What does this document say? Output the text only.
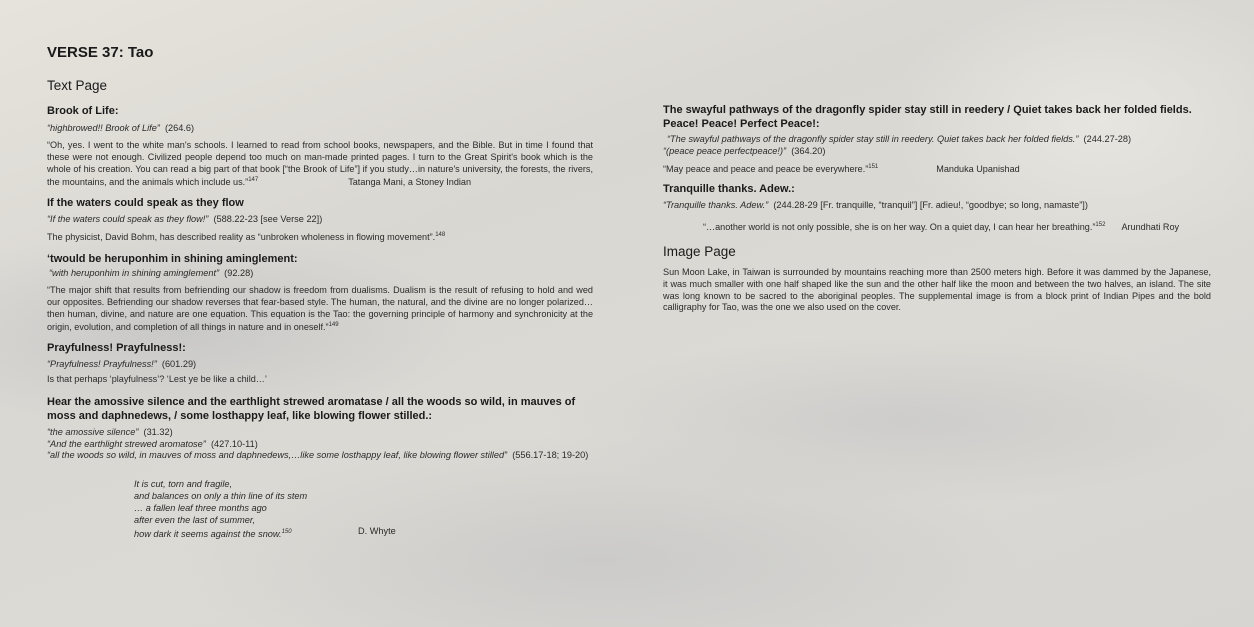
VERSE 37: Tao
Text Page
Brook of Life:
“highbrowed!! Brook of Life” (264.6)
“Oh, yes. I went to the white man's schools. I learned to read from school books, newspapers, and the Bible. But in time I found that these were not enough. Civilized people depend too much on man-made printed pages. I turn to the Great Spirit's book which is the whole of his creation. You can read a big part of that book [“the Brook of Life”] if you study…in nature's university, the forests, the rivers, the mountains, and the animals which include us.”$^{147}$	Tatanga Mani, a Stoney Indian
If the waters could speak as they flow
“If the waters could speak as they flow!” (588.22-23 [see Verse 22])
The physicist, David Bohm, has described reality as “unbroken wholeness in flowing movement”.$^{148}$
‘twould be heruponhim in shining aminglement:
“with heruponhim in shining aminglement” (92.28)
“The major shift that results from befriending our shadow is freedom from dualisms. Dualism is the result of refusing to hold and wed our opposites. Befriending our shadow reverses that fear-based style. The human, the natural, and the divine are no longer polarized…then human, divine, and nature are one equation. This equation is the Tao: the governing principle of harmony and synchronicity at the origin, evolution, and completion of all things in nature and in oneself.”$^{149}$
Prayfulness! Prayfulness!:
“Prayfulness! Prayfulness!” (601.29)
Is that perhaps ‘playfulness’? ‘Lest ye be like a child…’
Hear the amossive silence and the earthlight strewed aromatase / all the woods so wild, in mauves of moss and daphnedews, / some losthappy leaf, like blowing flower stilled.:
“the amossive silence” (31.32)
“And the earthlight strewed aromatose” (427.10-11)
“all the woods so wild, in mauves of moss and daphnedews,…like some losthappy leaf, like blowing flower stilled” (556.17-18; 19-20)
It is cut, torn and fragile,
and balances on only a thin line of its stem
… a fallen leaf three months ago
after even the last of summer,
how dark it seems against the snow.$^{150}$	D. Whyte
The swayful pathways of the dragonfly spider stay still in reedery / Quiet takes back her folded fields. Peace! Peace! Perfect Peace!:
“The swayful pathways of the dragonfly spider stay still in reedery. Quiet takes back her folded fields.” (244.27-28)
“(peace peace perfectpeace!)” (364.20)
“May peace and peace and peace be everywhere.”$^{151}$	Manduka Upanishad
Tranquille thanks. Adew.:
“Tranquille thanks. Adew.” (244.28-29 [Fr. tranquille, “tranquil”] [Fr. adieu!, “goodbye; so long, namaste”])
“…another world is not only possible, she is on her way. On a quiet day, I can hear her breathing.”$^{152}$ Arundhati Roy
Image Page
Sun Moon Lake, in Taiwan is surrounded by mountains reaching more than 2500 meters high. Before it was dammed by the Japanese, it was much smaller with one half shaped like the sun and the other half like the moon and between the two halves, an island. The site was long known to be sacred to the aboriginal peoples. The supplemental image is from a block print of Indian Pipes and the bold calligraphy for Tao, was the one we also used on the cover.
